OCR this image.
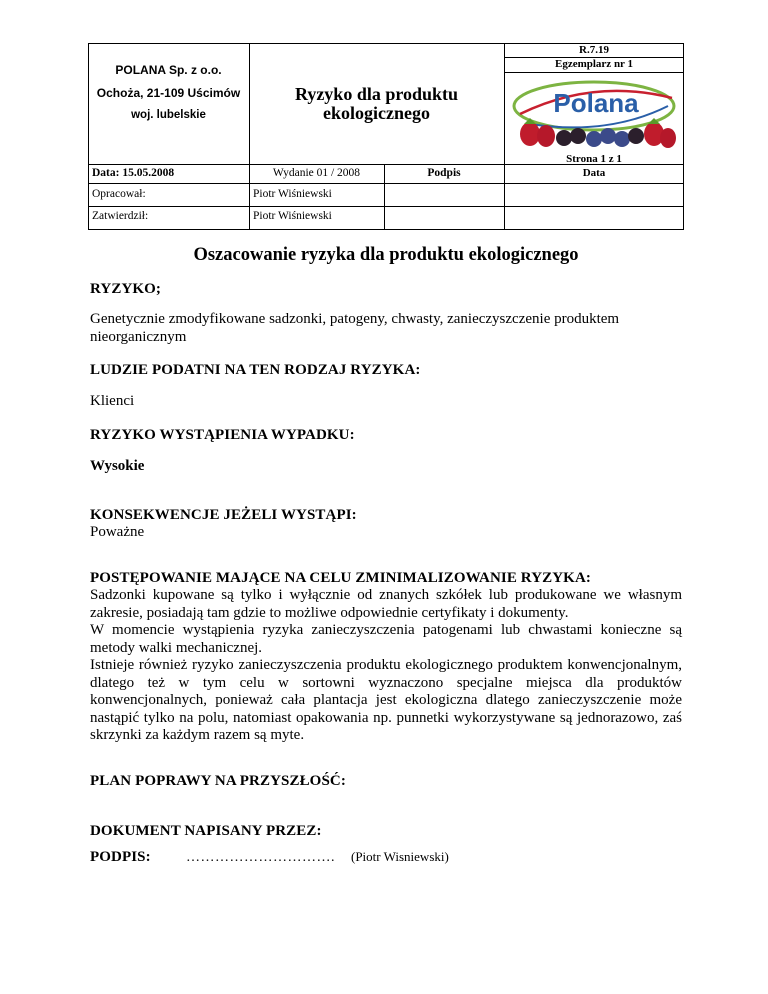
R.7.19
Egzemplarz nr 1
POLANA Sp. z o.o.
Ochoża, 21-109 Uścimów
woj. lubelskie
Ryzyko dla produktu
ekologicznego	Polana
Strona 1 z 1
Data: 15.05.2008	Wydanie 01 / 2008	Podpis	Data
Opracował:	Piotr Wiśniewski
Zatwierdził:	Piotr Wiśniewski
Oszacowanie ryzyka dla produktu ekologicznego
RYZYKO;
Genetycznie zmodyfikowane sadzonki, patogeny, chwasty, zanieczyszczenie produktem nieorganicznym
LUDZIE PODATNI NA TEN RODZAJ RYZYKA:
Klienci
RYZYKO WYSTĄPIENIA WYPADKU:
Wysokie
KONSEKWENCJE JEŻELI WYSTĄPI:
Poważne
POSTĘPOWANIE MAJĄCE NA CELU ZMINIMALIZOWANIE RYZYKA:
Sadzonki kupowane są tylko i wyłącznie od znanych szkółek lub produkowane we własnym zakresie, posiadają tam gdzie to możliwe odpowiednie certyfikaty i dokumenty.
W momencie wystąpienia ryzyka zanieczyszczenia patogenami lub chwastami konieczne są metody walki mechanicznej.
Istnieje również ryzyko zanieczyszczenia produktu ekologicznego produktem konwencjonalnym, dlatego też w tym celu w sortowni wyznaczono specjalne miejsca dla produktów konwencjonalnych, ponieważ cała plantacja jest ekologiczna dlatego zanieczyszczenie może nastąpić tylko na polu, natomiast opakowania np. punnetki wykorzystywane są jednorazowo, zaś skrzynki za każdym razem są myte.
PLAN POPRAWY NA PRZYSZŁOŚĆ:
DOKUMENT NAPISANY PRZEZ:
PODPIS:	…………………………. (Piotr Wisniewski)
